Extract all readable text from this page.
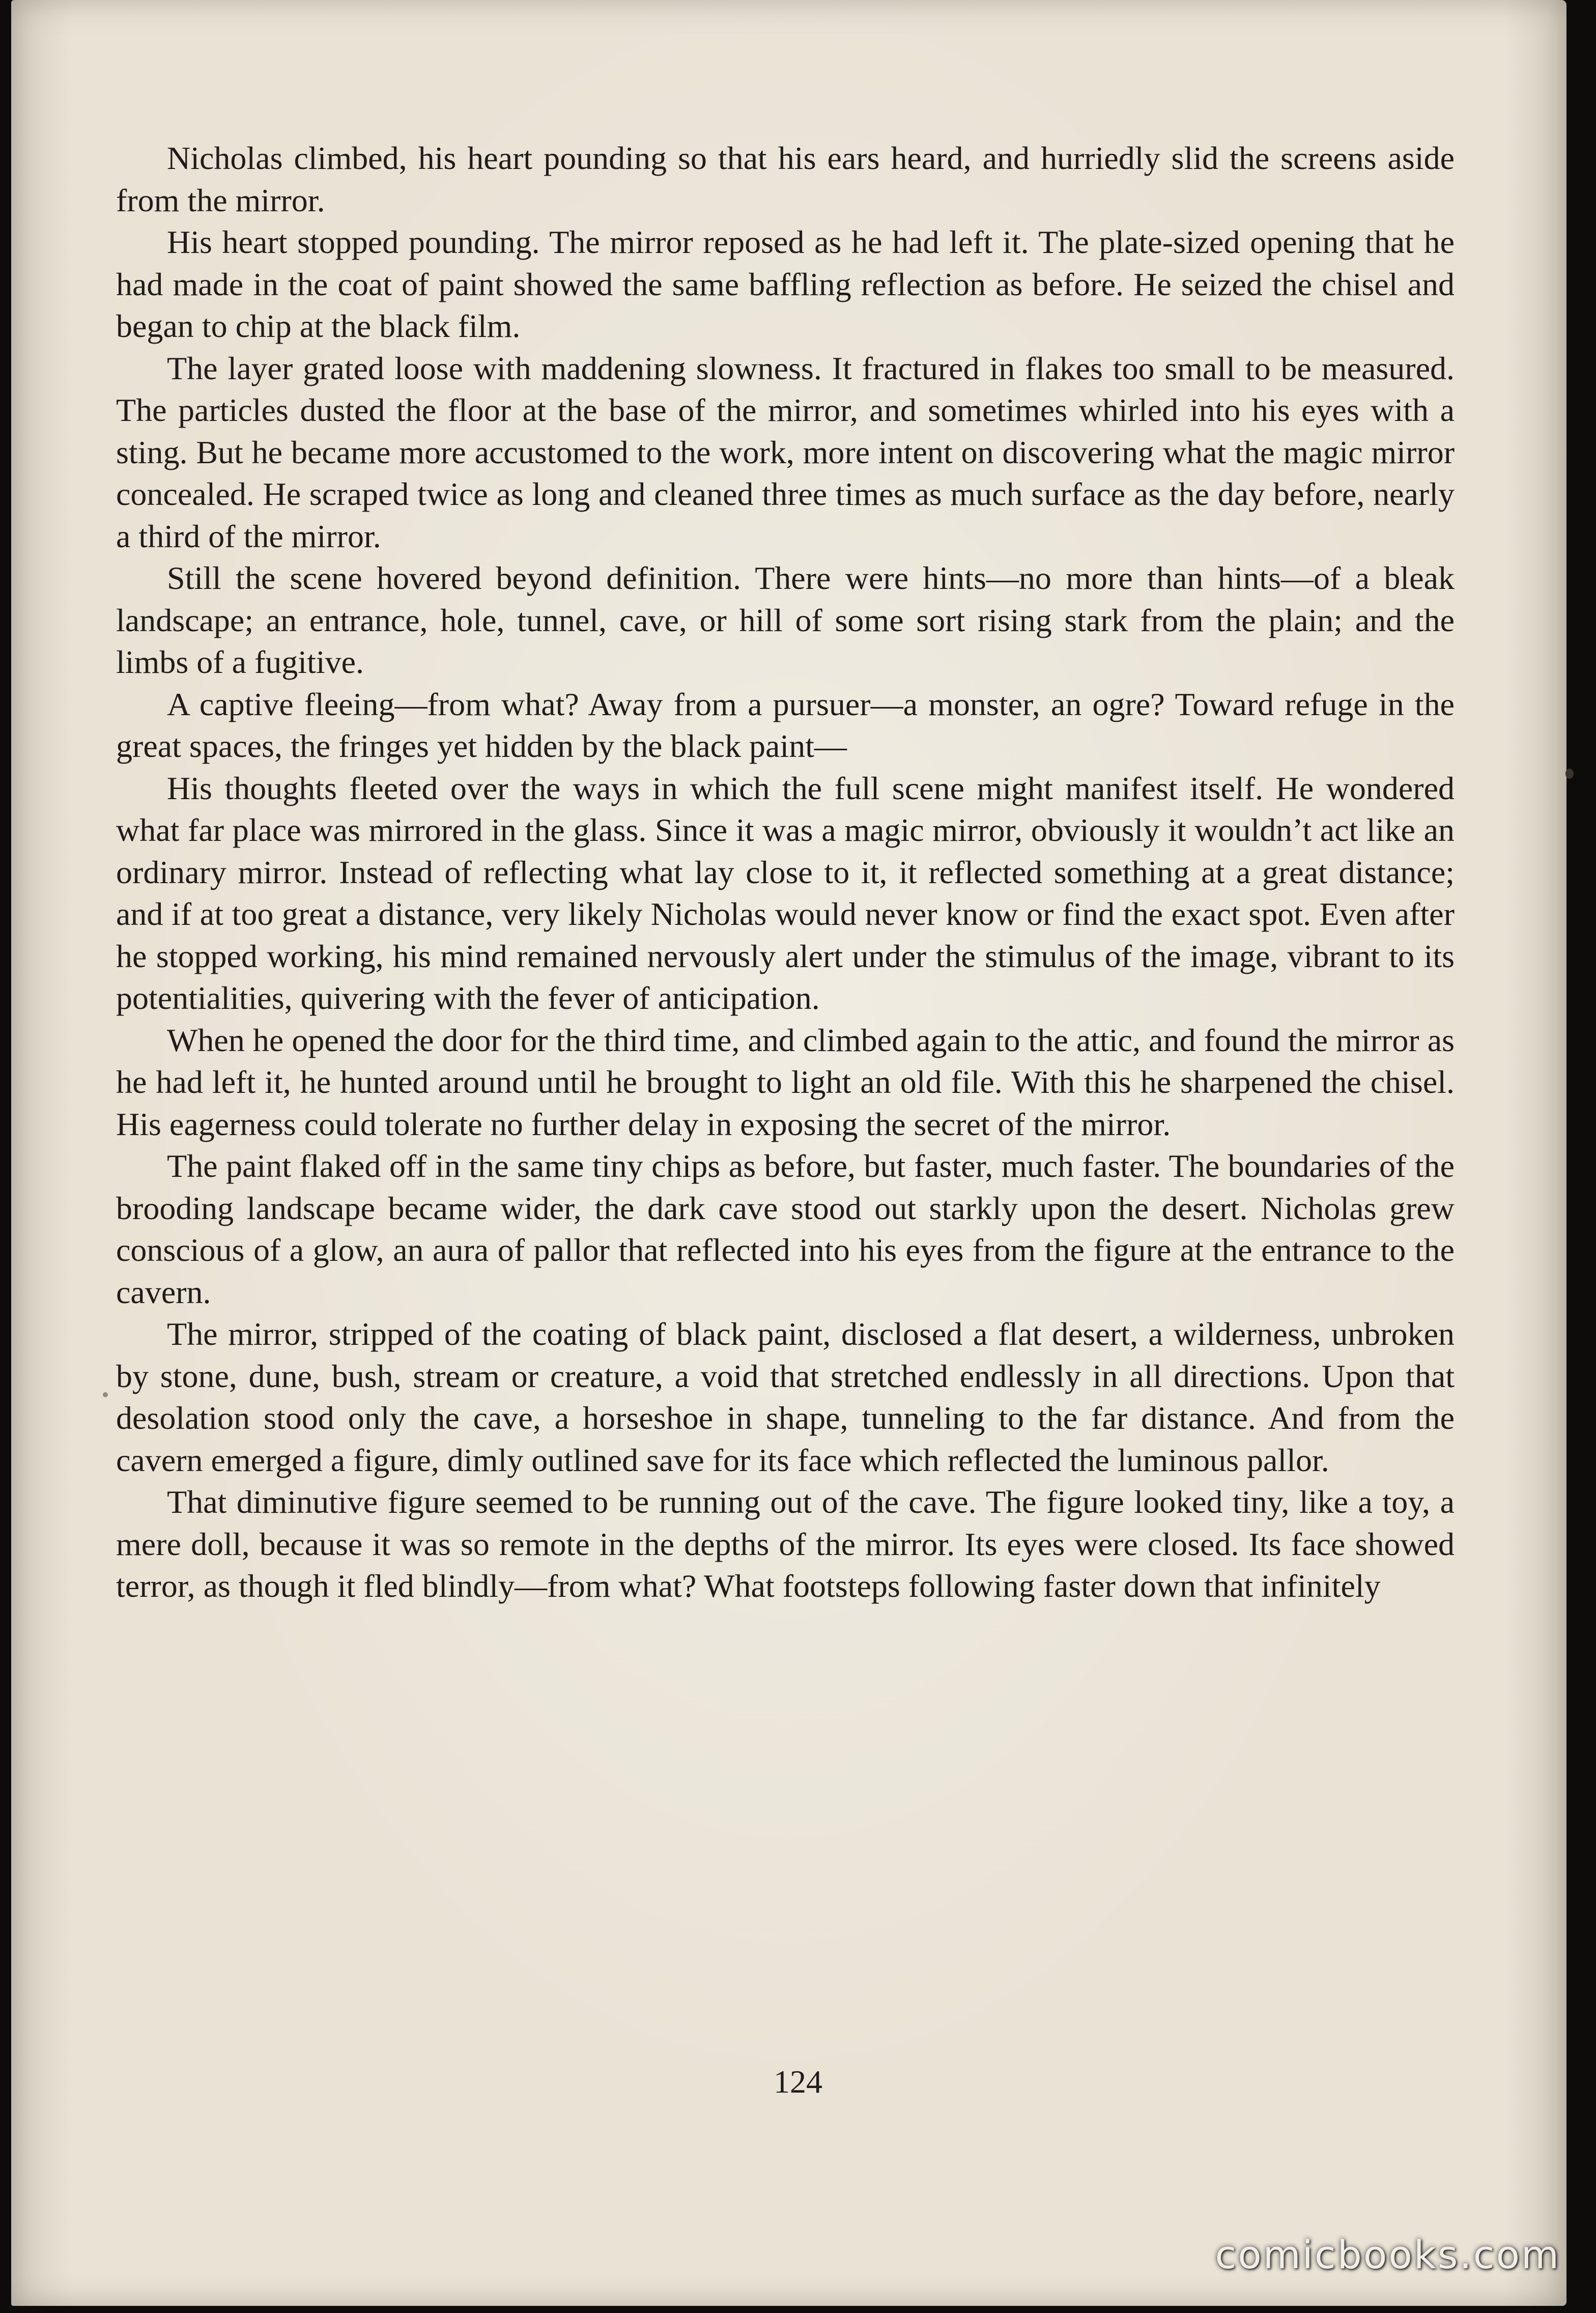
Nicholas climbed, his heart pounding so that his ears heard, and hurriedly slid the screens aside from the mirror.

His heart stopped pounding. The mirror reposed as he had left it. The plate-sized opening that he had made in the coat of paint showed the same baffling reflection as before. He seized the chisel and began to chip at the black film.

The layer grated loose with maddening slowness. It fractured in flakes too small to be measured. The particles dusted the floor at the base of the mirror, and sometimes whirled into his eyes with a sting. But he became more accustomed to the work, more intent on discovering what the magic mirror concealed. He scraped twice as long and cleaned three times as much surface as the day before, nearly a third of the mirror.

Still the scene hovered beyond definition. There were hints—no more than hints—of a bleak landscape; an entrance, hole, tunnel, cave, or hill of some sort rising stark from the plain; and the limbs of a fugitive.

A captive fleeing—from what? Away from a pursuer—a monster, an ogre? Toward refuge in the great spaces, the fringes yet hidden by the black paint—

His thoughts fleeted over the ways in which the full scene might manifest itself. He wondered what far place was mirrored in the glass. Since it was a magic mirror, obviously it wouldn’t act like an ordinary mirror. Instead of reflecting what lay close to it, it reflected something at a great distance; and if at too great a distance, very likely Nicholas would never know or find the exact spot. Even after he stopped working, his mind remained nervously alert under the stimulus of the image, vibrant to its potentialities, quivering with the fever of anticipation.

When he opened the door for the third time, and climbed again to the attic, and found the mirror as he had left it, he hunted around until he brought to light an old file. With this he sharpened the chisel. His eagerness could tolerate no further delay in exposing the secret of the mirror.

The paint flaked off in the same tiny chips as before, but faster, much faster. The boundaries of the brooding landscape became wider, the dark cave stood out starkly upon the desert. Nicholas grew conscious of a glow, an aura of pallor that reflected into his eyes from the figure at the entrance to the cavern.

The mirror, stripped of the coating of black paint, disclosed a flat desert, a wilderness, unbroken by stone, dune, bush, stream or creature, a void that stretched endlessly in all directions. Upon that desolation stood only the cave, a horseshoe in shape, tunneling to the far distance. And from the cavern emerged a figure, dimly outlined save for its face which reflected the luminous pallor.

That diminutive figure seemed to be running out of the cave. The figure looked tiny, like a toy, a mere doll, because it was so remote in the depths of the mirror. Its eyes were closed. Its face showed terror, as though it fled blindly—from what? What footsteps following faster down that infinitely

124
comicbooks.com
